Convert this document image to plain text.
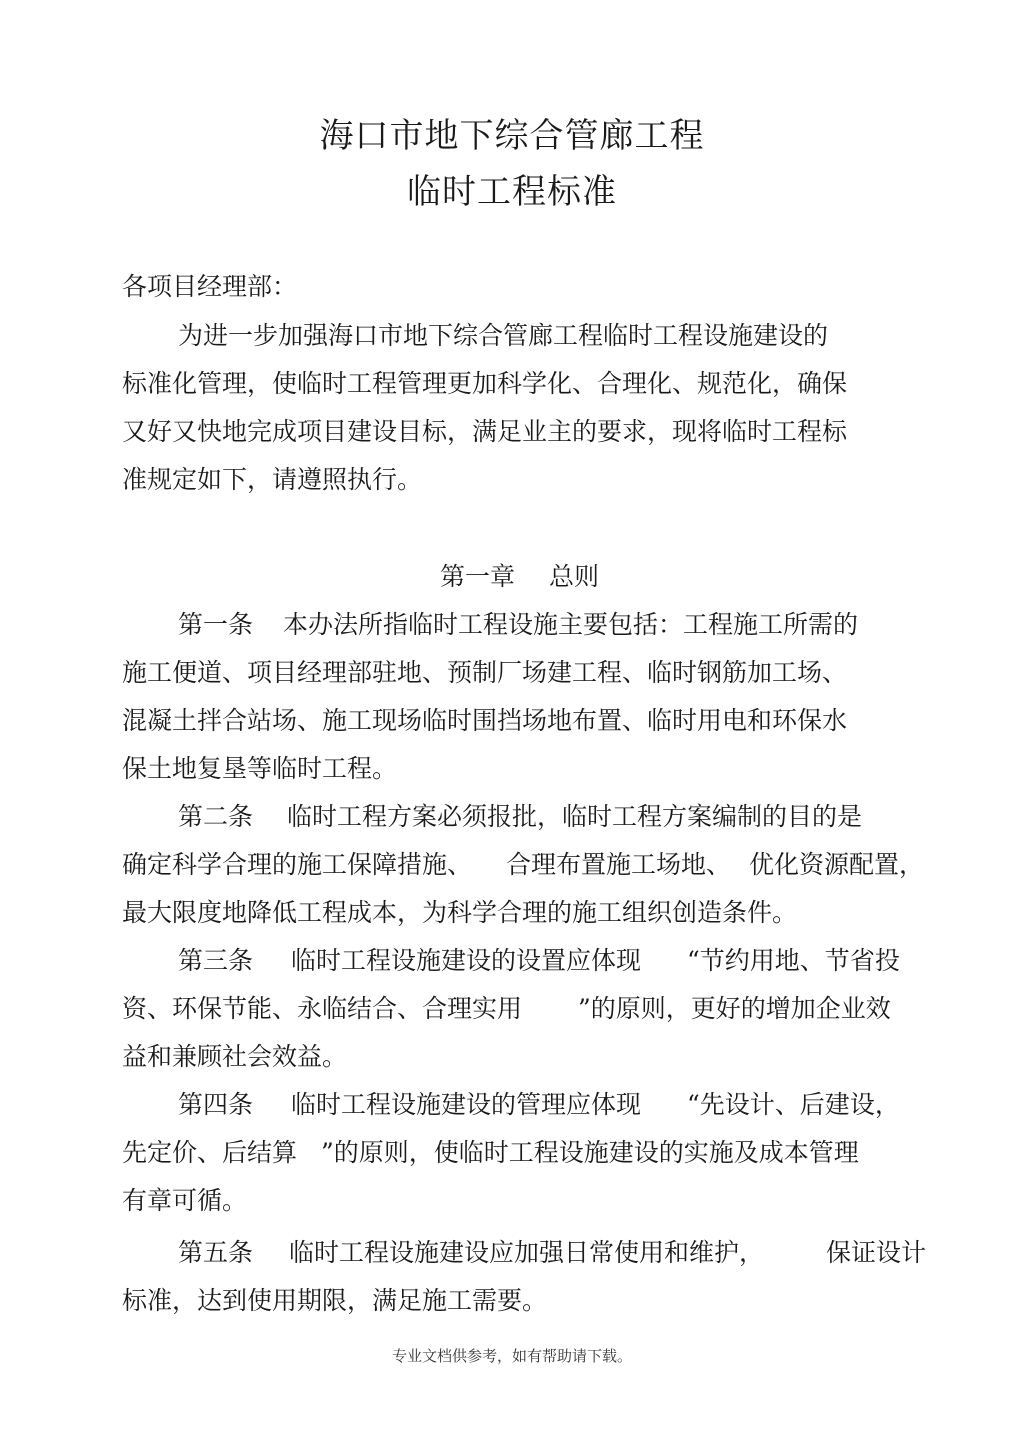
海口市地下综合管廊工程
临时工程标准
各项目经理部：
为进一步加强海口市地下综合管廊工程临时工程设施建设的
标准化管理，使临时工程管理更加科学化、合理化、规范化，确保
又好又快地完成项目建设目标，满足业主的要求，现将临时工程标
准规定如下，请遵照执行。
第一章 总则
第一条 本办法所指临时工程设施主要包括：工程施工所需的
施工便道、项目经理部驻地、预制厂场建工程、临时钢筋加工场、
混凝土拌合站场、施工现场临时围挡场地布置、临时用电和环保水
保土地复垦等临时工程。
第二条 临时工程方案必须报批，临时工程方案编制的目的是
确定科学合理的施工保障措施、 合理布置施工场地、 优化资源配置，
最大限度地降低工程成本，为科学合理的施工组织创造条件。
第三条 临时工程设施建设的设置应体现 “节约用地、节省投
资、环保节能、永临结合、合理实用 ”的原则，更好的增加企业效
益和兼顾社会效益。
第四条 临时工程设施建设的管理应体现 “先设计、后建设，
先定价、后结算 ”的原则，使临时工程设施建设的实施及成本管理
有章可循。
第五条 临时工程设施建设应加强日常使用和维护， 保证设计
标准，达到使用期限，满足施工需要。
专业文档供参考，如有帮助请下载。
